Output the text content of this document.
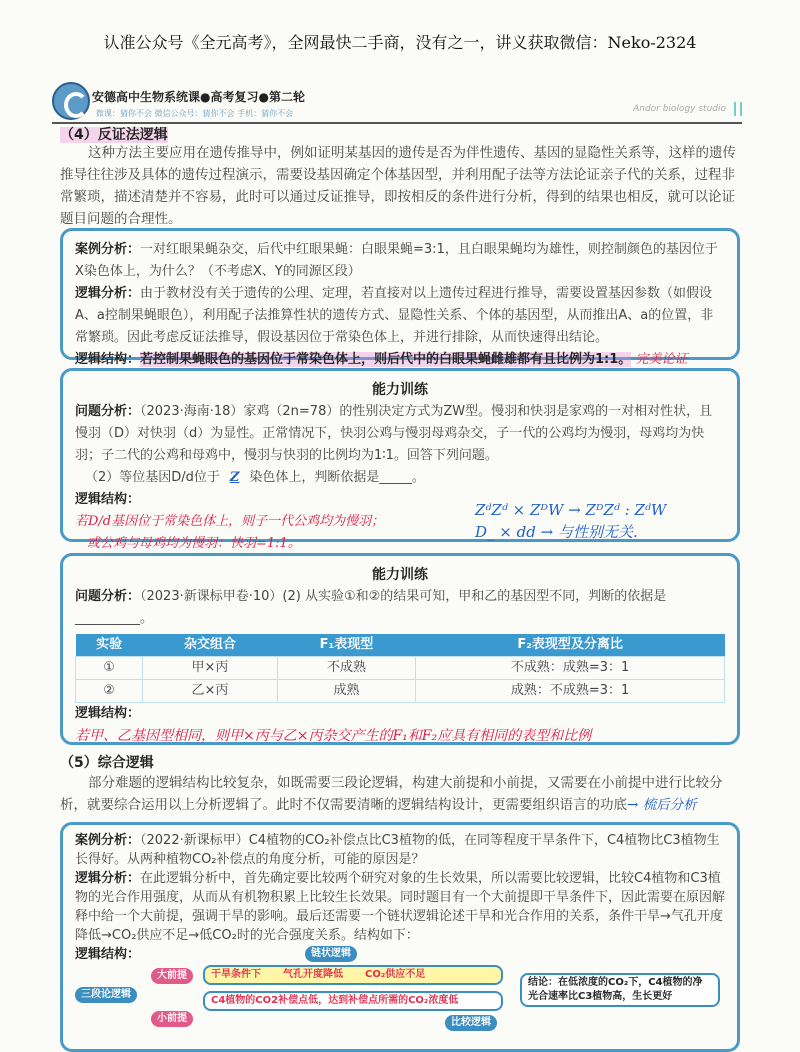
认准公众号《全元高考》，全网最快二手商，没有之一，讲义获取微信：Neko-2324
安德高中生物系统课●高考复习●第二轮
微课：猜你不会 微信公众号：猜你不会 手机：猜你不会	Andor biology studio
（4）反证法逻辑
这种方法主要应用在遗传推导中，例如证明某基因的遗传是否为伴性遗传、基因的显隐性关系等，这样的遗传推导往往涉及具体的遗传过程演示，需要设基因确定个体基因型，并利用配子法等方法论证亲子代的关系，过程非常繁琐，描述清楚并不容易，此时可以通过反证推导，即按相反的条件进行分析，得到的结果也相反，就可以论证题目问题的合理性。
案例分析：一对红眼果蝇杂交，后代中红眼果蝇：白眼果蝇=3:1，且白眼果蝇均为雄性，则控制颜色的基因位于X染色体上，为什么？（不考虑X、Y的同源区段）
逻辑分析：由于教材没有关于遗传的公理、定理，若直接对以上遗传过程进行推导，需要设置基因参数（如假设A、a控制果蝇眼色），利用配子法推算性状的遗传方式、显隐性关系、个体的基因型，从而推出A、a的位置，非常繁琐。因此考虑反证法推导，假设基因位于常染色体上，并进行排除，从而快速得出结论。
逻辑结构：若控制果蝇眼色的基因位于常染色体上，则后代中的白眼果蝇雌雄都有且比例为1:1。 完美论证
能力训练
问题分析：（2023·海南·18）家鸡（2n=78）的性别决定方式为ZW型。慢羽和快羽是家鸡的一对相对性状，且慢羽（D）对快羽（d）为显性。正常情况下，快羽公鸡与慢羽母鸡杂交，子一代的公鸡均为慢羽，母鸡均为快羽；子二代的公鸡和母鸡中，慢羽与快羽的比例均为1∶1。回答下列问题。
（2）等位基因D/d位于 Z 染色体上，判断依据是_____。
逻辑结构：
若D/d基因位于常染色体上，则子一代公鸡均为慢羽；
或公鸡与母鸡均为慢羽：快羽=1:1。
ZᵈZᵈ × ZᴰW → ZᴰZᵈ : ZᵈW
D_ × dd → 与性别无关.
能力训练
问题分析：（2023·新课标甲卷·10）(2) 从实验①和②的结果可知，甲和乙的基因型不同，判断的依据是
__________。
实验	杂交组合	F₁表现型	F₂表现型及分离比
①	甲×丙	不成熟	不成熟：成熟=3：1
②	乙×丙	成熟	成熟：不成熟=3：1
逻辑结构：
若甲、乙基因型相同，则甲×丙与乙×丙杂交产生的F₁和F₂应具有相同的表型和比例
（5）综合逻辑
部分难题的逻辑结构比较复杂，如既需要三段论逻辑，构建大前提和小前提，又需要在小前提中进行比较分析，就要综合运用以上分析逻辑了。此时不仅需要清晰的逻辑结构设计，更需要组织语言的功底→ 梳后分析
案例分析：（2022·新课标甲）C4植物的CO₂补偿点比C3植物的低，在同等程度干旱条件下，C4植物比C3植物生长得好。从两种植物CO₂补偿点的角度分析，可能的原因是？
逻辑分析：在此逻辑分析中，首先确定要比较两个研究对象的生长效果，所以需要比较逻辑，比较C4植物和C3植物的光合作用强度，从而从有机物积累上比较生长效果。同时题目有一个大前提即干旱条件下，因此需要在原因解释中给一个大前提，强调干旱的影响。最后还需要一个链状逻辑论述干旱和光合作用的关系，条件干旱→气孔开度降低→CO₂供应不足→低CO₂时的光合强度关系。结构如下：
逻辑结构：	链状逻辑
三段论逻辑
大前提	干旱条件下 气孔开度降低 CO₂供应不足
C4植物的CO2补偿点低，达到补偿点所需的CO₂浓度低
小前提	比较逻辑
结论：在低浓度的CO₂下，C4植物的净光合速率比C3植物高，生长更好
